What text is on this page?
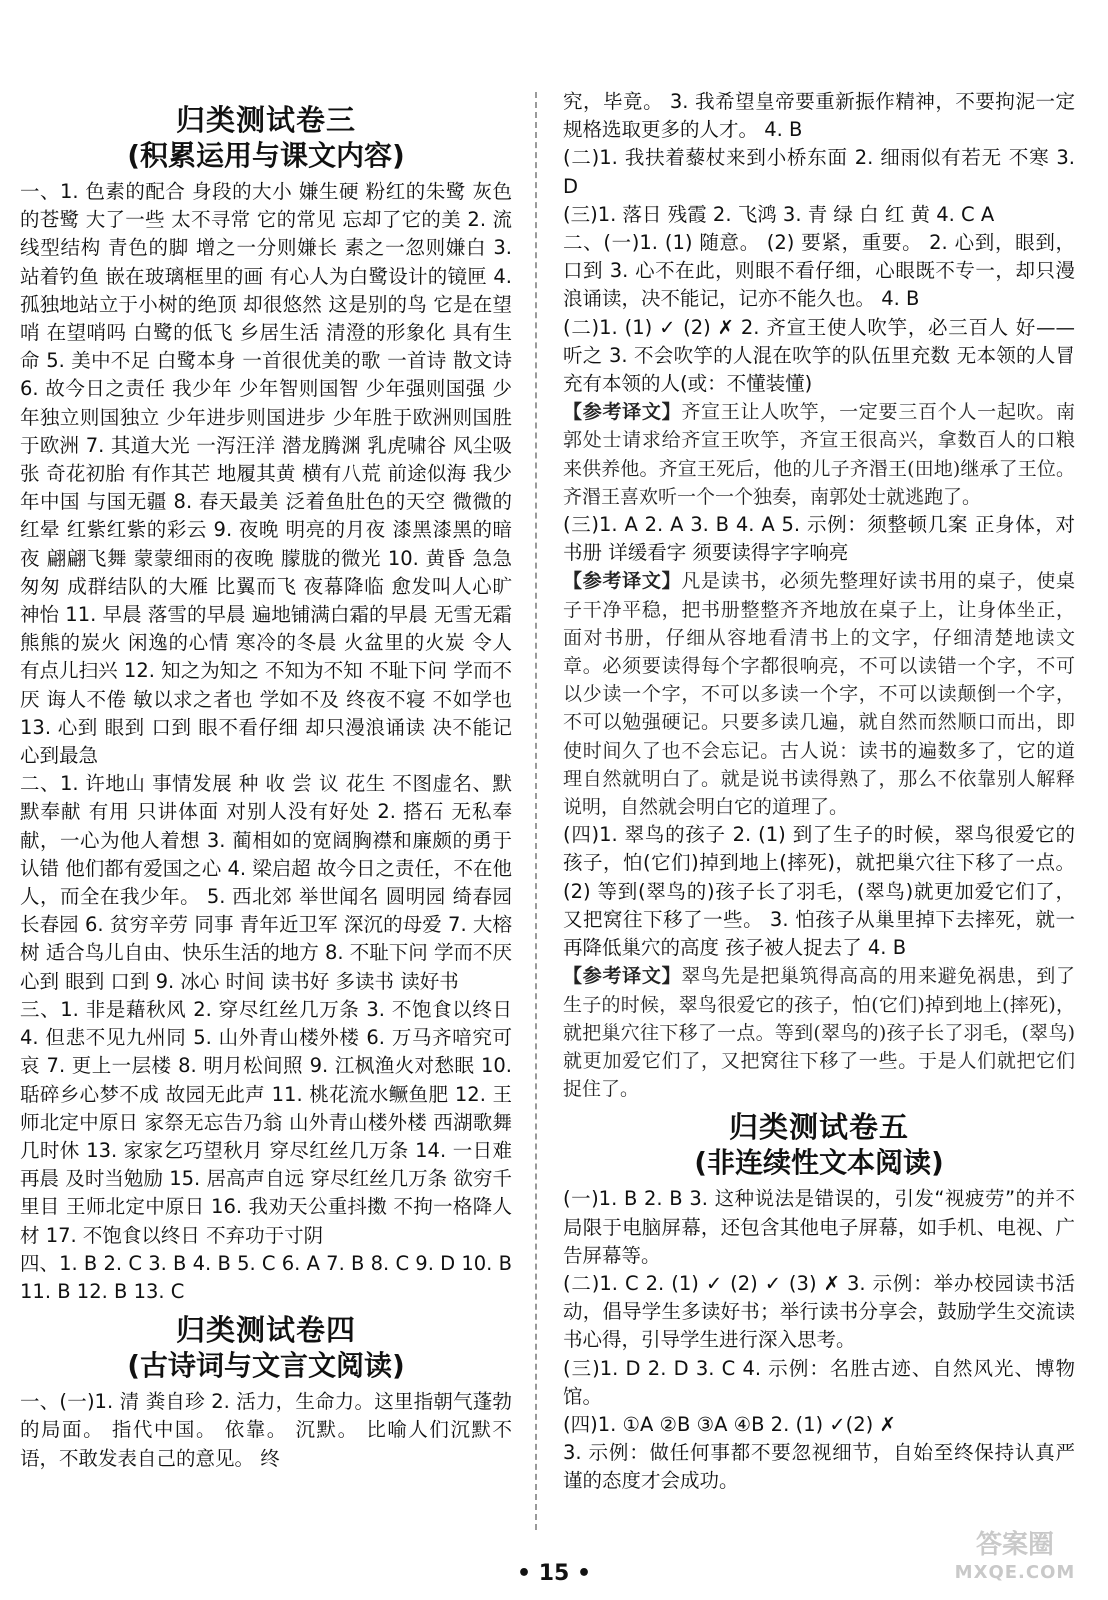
归类测试卷三
(积累运用与课文内容)

一、1. 色素的配合 身段的大小 嫌生硬 粉红的朱鹭 灰色的苍鹭 大了一些 太不寻常 它的常见 忘却了它的美 2. 流线型结构 青色的脚 增之一分则嫌长 素之一忽则嫌白 3. 站着钓鱼 嵌在玻璃框里的画 有心人为白鹭设计的镜匣 4. 孤独地站立于小树的绝顶 却很悠然 这是别的鸟 它是在望哨 在望哨吗 白鹭的低飞 乡居生活 清澄的形象化 具有生命 5. 美中不足 白鹭本身 一首很优美的歌 一首诗 散文诗 6. 故今日之责任 我少年 少年智则国智 少年强则国强 少年独立则国独立 少年进步则国进步 少年胜于欧洲则国胜于欧洲 7. 其道大光 一泻汪洋 潜龙腾渊 乳虎啸谷 风尘吸张 奇花初胎 有作其芒 地履其黄 横有八荒 前途似海 我少年中国 与国无疆 8. 春天最美 泛着鱼肚色的天空 微微的红晕 红紫红紫的彩云 9. 夜晚 明亮的月夜 漆黑漆黑的暗夜 翩翩飞舞 蒙蒙细雨的夜晚 朦胧的微光 10. 黄昏 急急匆匆 成群结队的大雁 比翼而飞 夜幕降临 愈发叫人心旷神怡 11. 早晨 落雪的早晨 遍地铺满白霜的早晨 无雪无霜 熊熊的炭火 闲逸的心情 寒冷的冬晨 火盆里的火炭 令人有点儿扫兴 12. 知之为知之 不知为不知 不耻下问 学而不厌 诲人不倦 敏以求之者也 学如不及 终夜不寝 不如学也 13. 心到 眼到 口到 眼不看仔细 却只漫浪诵读 决不能记 心到最急

二、1. 许地山 事情发展 种 收 尝 议 花生 不图虚名、默默奉献 有用 只讲体面 对别人没有好处 2. 搭石 无私奉献，一心为他人着想 3. 蔺相如的宽阔胸襟和廉颇的勇于认错 他们都有爱国之心 4. 梁启超 故今日之责任，不在他人，而全在我少年。 5. 西北郊 举世闻名 圆明园 绮春园 长春园 6. 贫穷辛劳 同事 青年近卫军 深沉的母爱 7. 大榕树 适合鸟儿自由、快乐生活的地方 8. 不耻下问 学而不厌 心到 眼到 口到 9. 冰心 时间 读书好 多读书 读好书

三、1. 非是藉秋风 2. 穿尽红丝几万条 3. 不饱食以终日 4. 但悲不见九州同 5. 山外青山楼外楼 6. 万马齐喑究可哀 7. 更上一层楼 8. 明月松间照 9. 江枫渔火对愁眠 10. 聒碎乡心梦不成 故园无此声 11. 桃花流水鳜鱼肥 12. 王师北定中原日 家祭无忘告乃翁 山外青山楼外楼 西湖歌舞几时休 13. 家家乞巧望秋月 穿尽红丝几万条 14. 一日难再晨 及时当勉励 15. 居高声自远 穿尽红丝几万条 欲穷千里目 王师北定中原日 16. 我劝天公重抖擞 不拘一格降人材 17. 不饱食以终日 不弃功于寸阴

四、1. B 2. C 3. B 4. B 5. C 6. A 7. B 8. C 9. D 10. B 11. B 12. B 13. C

归类测试卷四
(古诗词与文言文阅读)

一、(一)1. 清 粪自珍 2. 活力，生命力。这里指朝气蓬勃的局面。 指代中国。 依靠。 沉默。 比喻人们沉默不语，不敢发表自己的意见。 终

究，毕竟。 3. 我希望皇帝要重新振作精神，不要拘泥一定规格选取更多的人才。 4. B

(二)1. 我扶着藜杖来到小桥东面 2. 细雨似有若无 不寒 3. D

(三)1. 落日 残霞 2. 飞鸿 3. 青 绿 白 红 黄 4. C A

二、(一)1. (1) 随意。 (2) 要紧，重要。 2. 心到，眼到，口到 3. 心不在此，则眼不看仔细，心眼既不专一，却只漫浪诵读，决不能记，记亦不能久也。 4. B

(二)1. (1) ✓ (2) ✗ 2. 齐宣王使人吹竽，必三百人 好——听之 3. 不会吹竽的人混在吹竽的队伍里充数 无本领的人冒充有本领的人(或：不懂装懂)

【参考译文】齐宣王让人吹竽，一定要三百个人一起吹。南郭处士请求给齐宣王吹竽，齐宣王很高兴，拿数百人的口粮来供养他。齐宣王死后，他的儿子齐湣王(田地)继承了王位。齐湣王喜欢听一个一个独奏，南郭处士就逃跑了。

(三)1. A 2. A 3. B 4. A 5. 示例：须整顿几案 正身体，对书册 详缓看字 须要读得字字响亮

【参考译文】凡是读书，必须先整理好读书用的桌子，使桌子干净平稳，把书册整整齐齐地放在桌子上，让身体坐正，面对书册，仔细从容地看清书上的文字，仔细清楚地读文章。必须要读得每个字都很响亮，不可以读错一个字，不可以少读一个字，不可以多读一个字，不可以读颠倒一个字，不可以勉强硬记。只要多读几遍，就自然而然顺口而出，即使时间久了也不会忘记。古人说：读书的遍数多了，它的道理自然就明白了。就是说书读得熟了，那么不依靠别人解释说明，自然就会明白它的道理了。

(四)1. 翠鸟的孩子 2. (1) 到了生子的时候，翠鸟很爱它的孩子，怕(它们)掉到地上(摔死)，就把巢穴往下移了一点。 (2) 等到(翠鸟的)孩子长了羽毛，(翠鸟)就更加爱它们了，又把窝往下移了一些。 3. 怕孩子从巢里掉下去摔死，就一再降低巢穴的高度 孩子被人捉去了 4. B

【参考译文】翠鸟先是把巢筑得高高的用来避免祸患，到了生子的时候，翠鸟很爱它的孩子，怕(它们)掉到地上(摔死)，就把巢穴往下移了一点。等到(翠鸟的)孩子长了羽毛，(翠鸟)就更加爱它们了，又把窝往下移了一些。于是人们就把它们捉住了。

归类测试卷五
(非连续性文本阅读)

(一)1. B 2. B 3. 这种说法是错误的，引发“视疲劳”的并不局限于电脑屏幕，还包含其他电子屏幕，如手机、电视、广告屏幕等。

(二)1. C 2. (1) ✓ (2) ✓ (3) ✗ 3. 示例：举办校园读书活动，倡导学生多读好书；举行读书分享会，鼓励学生交流读书心得，引导学生进行深入思考。

(三)1. D 2. D 3. C 4. 示例：名胜古迹、自然风光、博物馆。

(四)1. ①A ②B ③A ④B 2. (1) ✓(2) ✗

3. 示例：做任何事都不要忽视细节，自始至终保持认真严谨的态度才会成功。

• 15 •
答案圈
MXQE.COM
